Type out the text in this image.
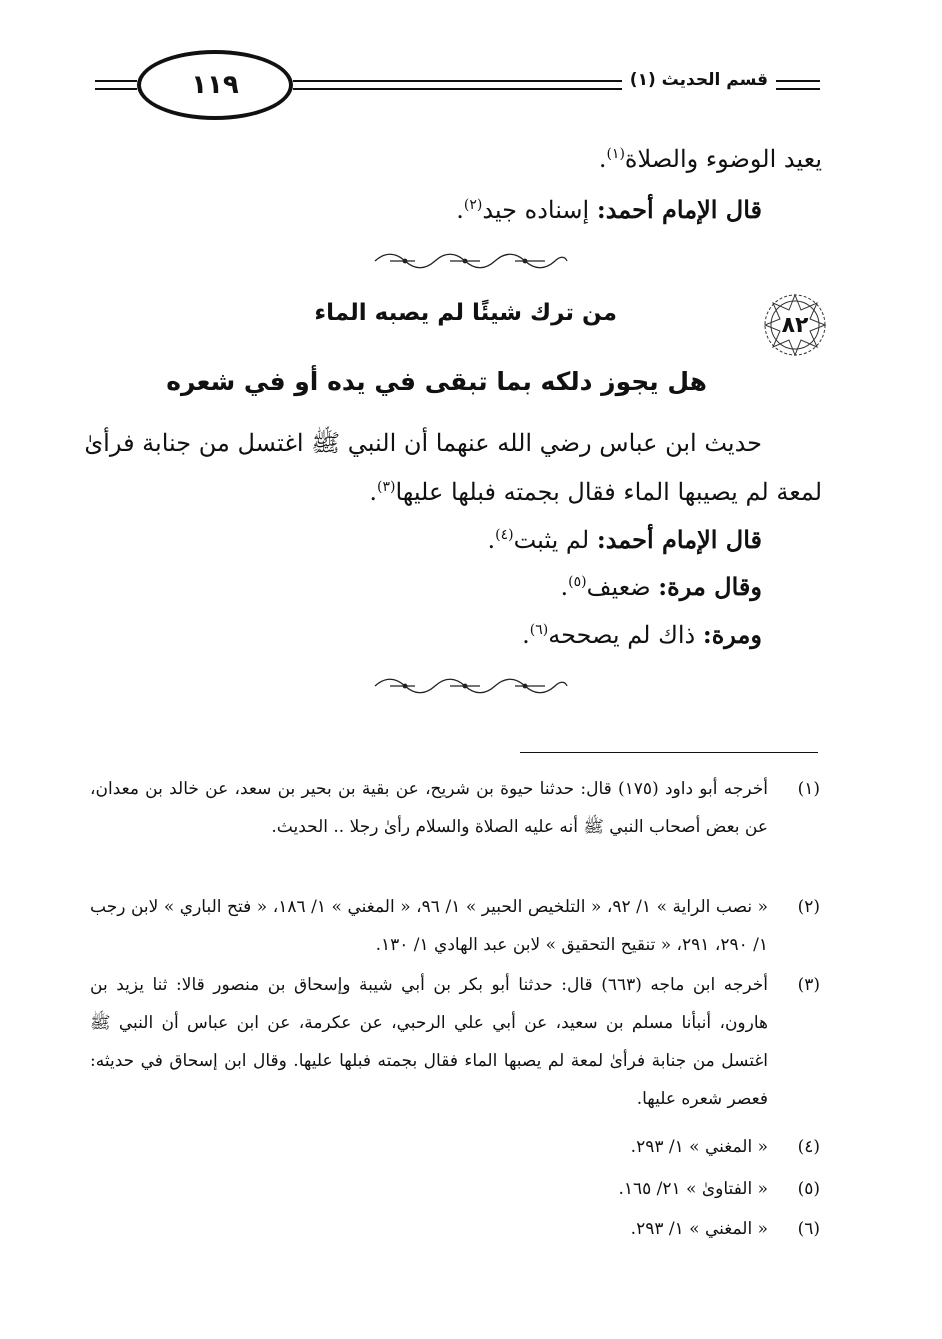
١١٩	قسم الحديث (١)
يعيد الوضوء والصلاة$^{(١)}$.
قال الإمام أحمد: إسناده جيد$^{(٢)}$.
٨٢
من ترك شيئًا لم يصبه الماء
هل يجوز دلكه بما تبقى في يده أو في شعره
حديث ابن عباس رضي الله عنهما أن النبي ﷺ اغتسل من جنابة فرأىٰ
لمعة لم يصيبها الماء فقال بجمته فبلها عليها$^{(٣)}$.
قال الإمام أحمد: لم يثبت$^{(٤)}$.
وقال مرة: ضعيف$^{(٥)}$.
ومرة: ذاك لم يصححه$^{(٦)}$.
(١)
أخرجه أبو داود (١٧٥) قال: حدثنا حيوة بن شريح، عن بقية بن بحير بن سعد، عن خالد بن معدان، عن بعض أصحاب النبي ﷺ أنه عليه الصلاة والسلام رأىٰ رجلا .. الحديث.
(٢)
« نصب الراية » ١/ ٩٢، « التلخيص الحبير » ١/ ٩٦، « المغني » ١/ ١٨٦، « فتح الباري » لابن رجب ١/ ٢٩٠، ٢٩١، « تنقيح التحقيق » لابن عبد الهادي ١/ ١٣٠.
(٣)
أخرجه ابن ماجه (٦٦٣) قال: حدثنا أبو بكر بن أبي شيبة وإسحاق بن منصور قالا: ثنا يزيد بن هارون، أنبأنا مسلم بن سعيد، عن أبي علي الرحبي، عن عكرمة، عن ابن عباس أن النبي ﷺ اغتسل من جنابة فرأىٰ لمعة لم يصبها الماء فقال بجمته فبلها عليها. وقال ابن إسحاق في حديثه: فعصر شعره عليها.
(٤)
« المغني » ١/ ٢٩٣.
(٥)
« الفتاوىٰ » ٢١/ ١٦٥.
(٦)
« المغني » ١/ ٢٩٣.
